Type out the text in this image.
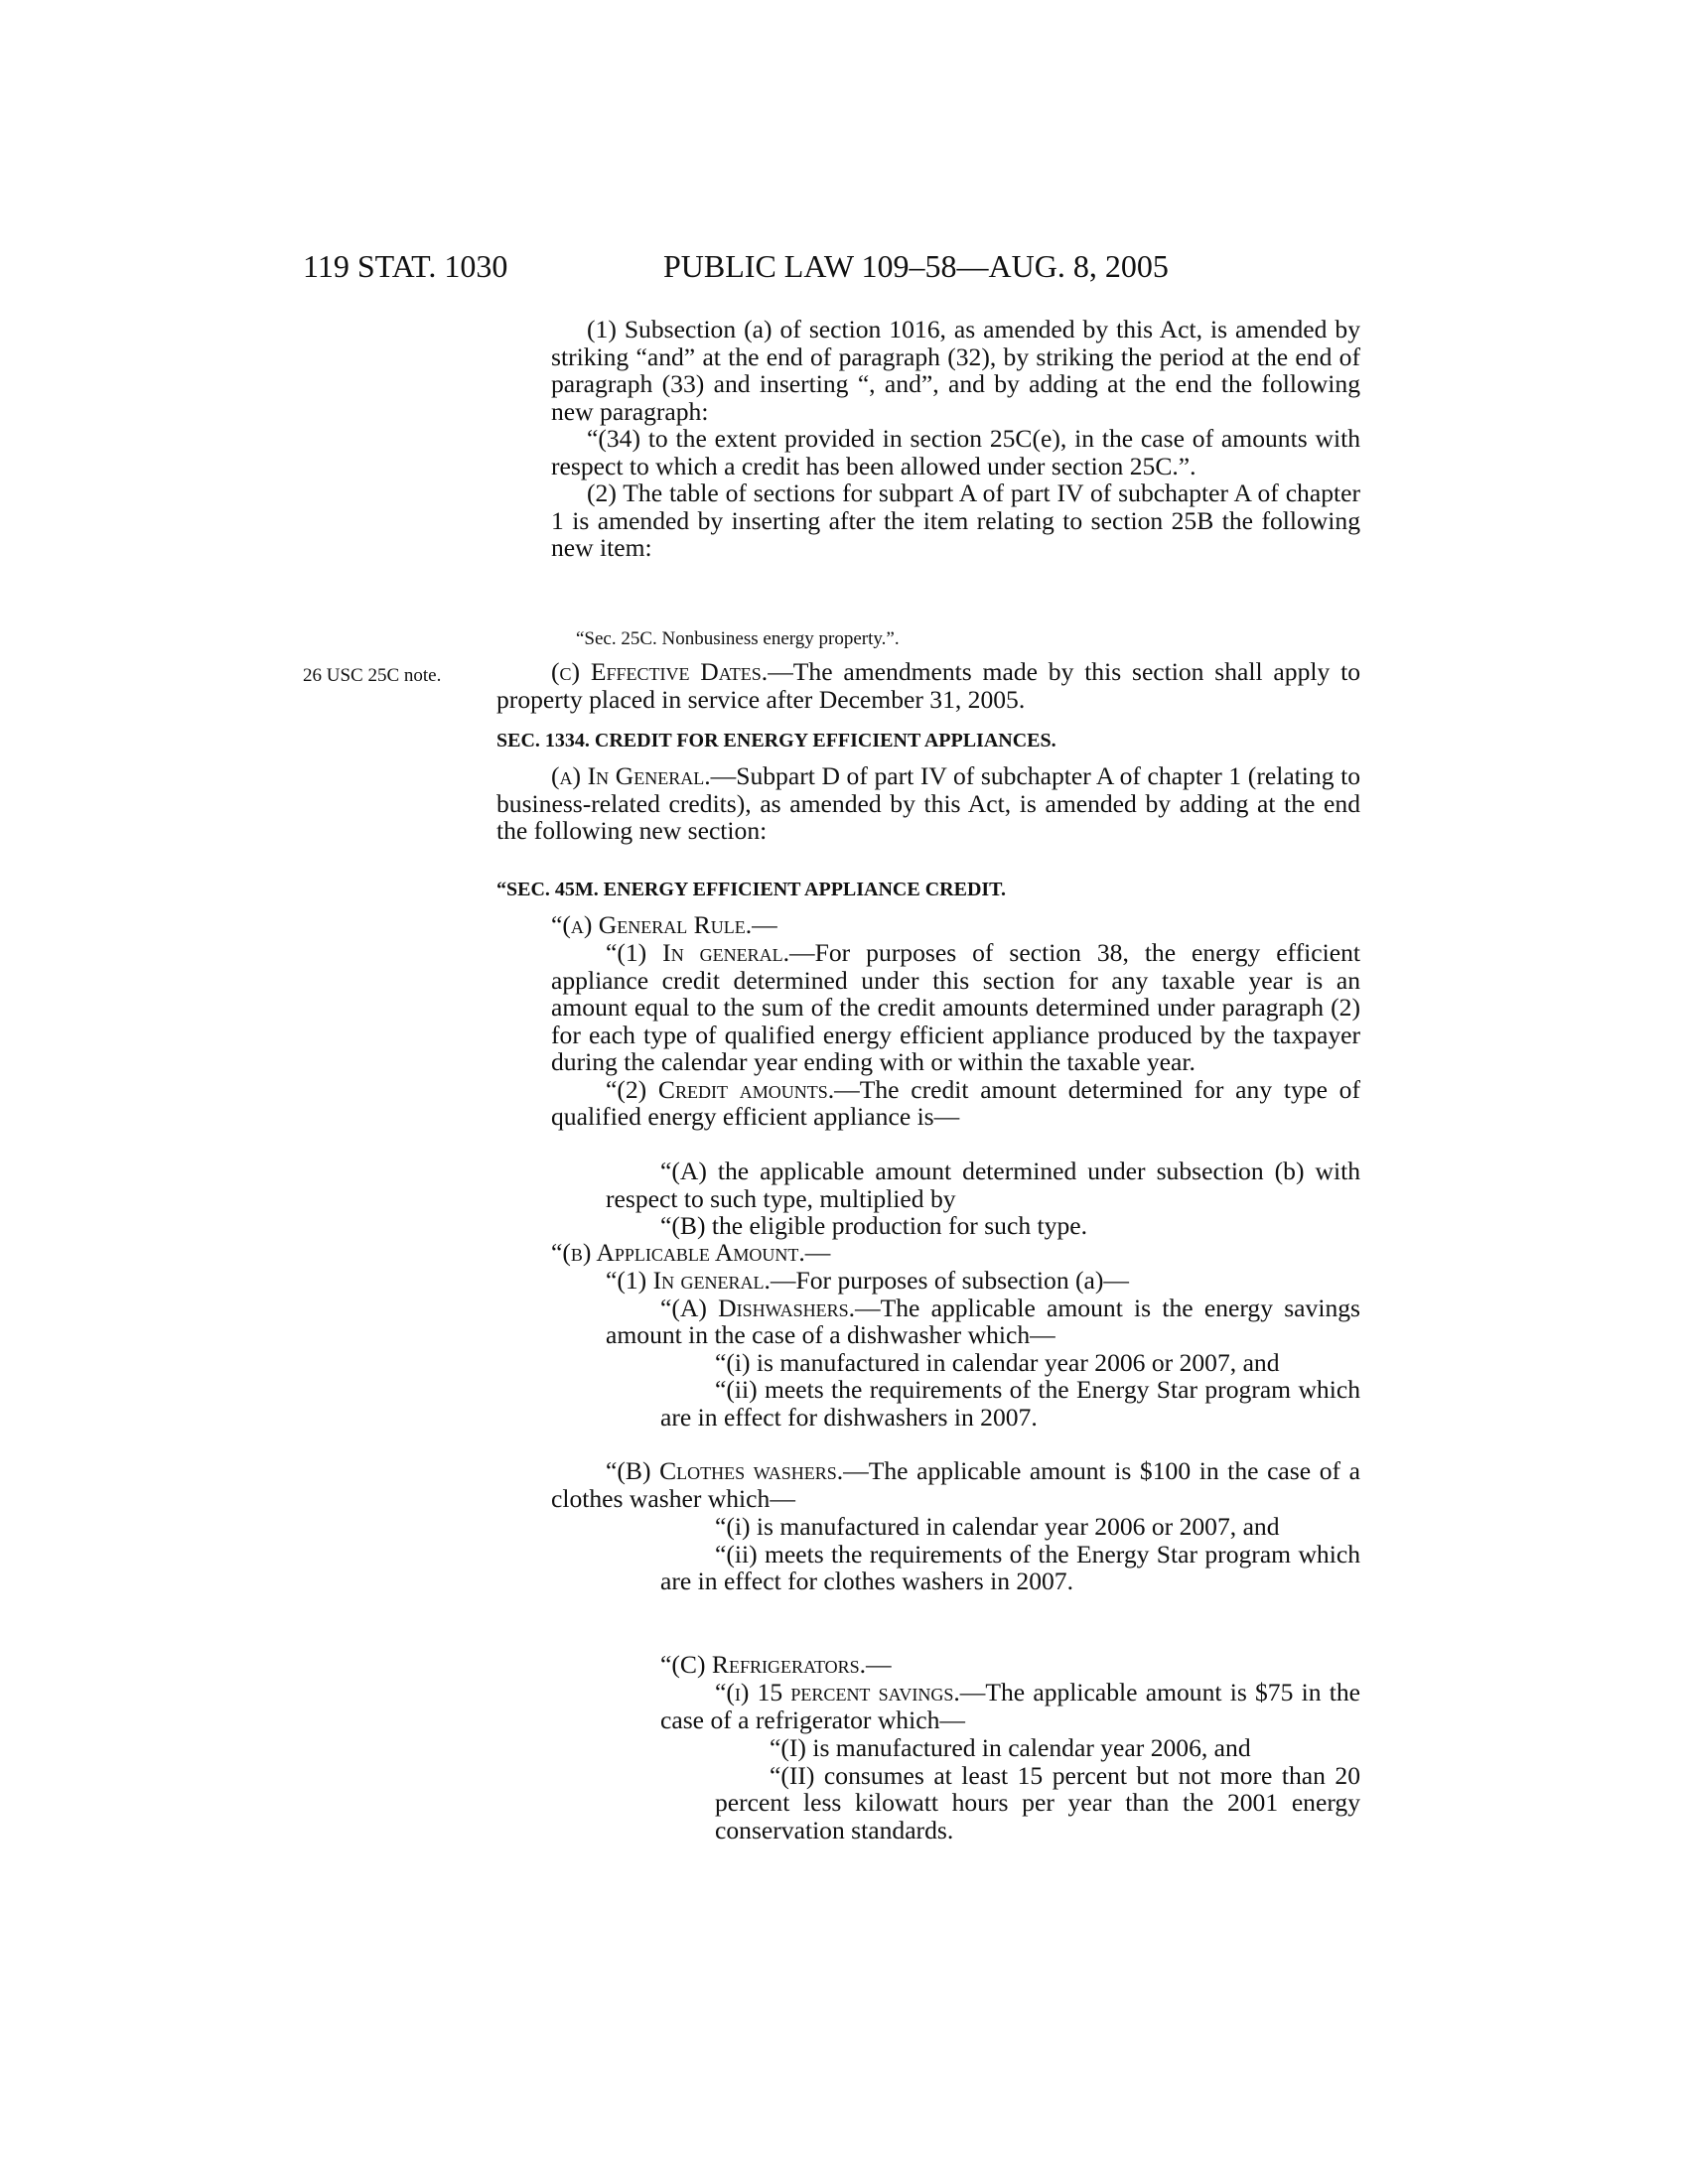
119 STAT. 1030	PUBLIC LAW 109–58—AUG. 8, 2005

(1) Subsection (a) of section 1016, as amended by this Act, is amended by striking “and” at the end of paragraph (32), by striking the period at the end of paragraph (33) and inserting “, and”, and by adding at the end the following new paragraph:

“(34) to the extent provided in section 25C(e), in the case of amounts with respect to which a credit has been allowed under section 25C.”.

(2) The table of sections for subpart A of part IV of subchapter A of chapter 1 is amended by inserting after the item relating to section 25B the following new item:

“Sec. 25C. Nonbusiness energy property.”.

26 USC 25C note.	(c) Effective Dates.—The amendments made by this section shall apply to property placed in service after December 31, 2005.

SEC. 1334. CREDIT FOR ENERGY EFFICIENT APPLIANCES.

(a) In General.—Subpart D of part IV of subchapter A of chapter 1 (relating to business-related credits), as amended by this Act, is amended by adding at the end the following new section:

“SEC. 45M. ENERGY EFFICIENT APPLIANCE CREDIT.

“(a) General Rule.—

“(1) In general.—For purposes of section 38, the energy efficient appliance credit determined under this section for any taxable year is an amount equal to the sum of the credit amounts determined under paragraph (2) for each type of qualified energy efficient appliance produced by the taxpayer during the calendar year ending with or within the taxable year.

“(2) Credit amounts.—The credit amount determined for any type of qualified energy efficient appliance is—

“(A) the applicable amount determined under subsection (b) with respect to such type, multiplied by

“(B) the eligible production for such type.

“(b) Applicable Amount.—

“(1) In general.—For purposes of subsection (a)—

“(A) Dishwashers.—The applicable amount is the energy savings amount in the case of a dishwasher which—

“(i) is manufactured in calendar year 2006 or 2007, and

“(ii) meets the requirements of the Energy Star program which are in effect for dishwashers in 2007.

“(B) Clothes washers.—The applicable amount is $100 in the case of a clothes washer which—

“(i) is manufactured in calendar year 2006 or 2007, and

“(ii) meets the requirements of the Energy Star program which are in effect for clothes washers in 2007.

“(C) Refrigerators.—

“(i) 15 percent savings.—The applicable amount is $75 in the case of a refrigerator which—

“(I) is manufactured in calendar year 2006, and

“(II) consumes at least 15 percent but not more than 20 percent less kilowatt hours per year than the 2001 energy conservation standards.
